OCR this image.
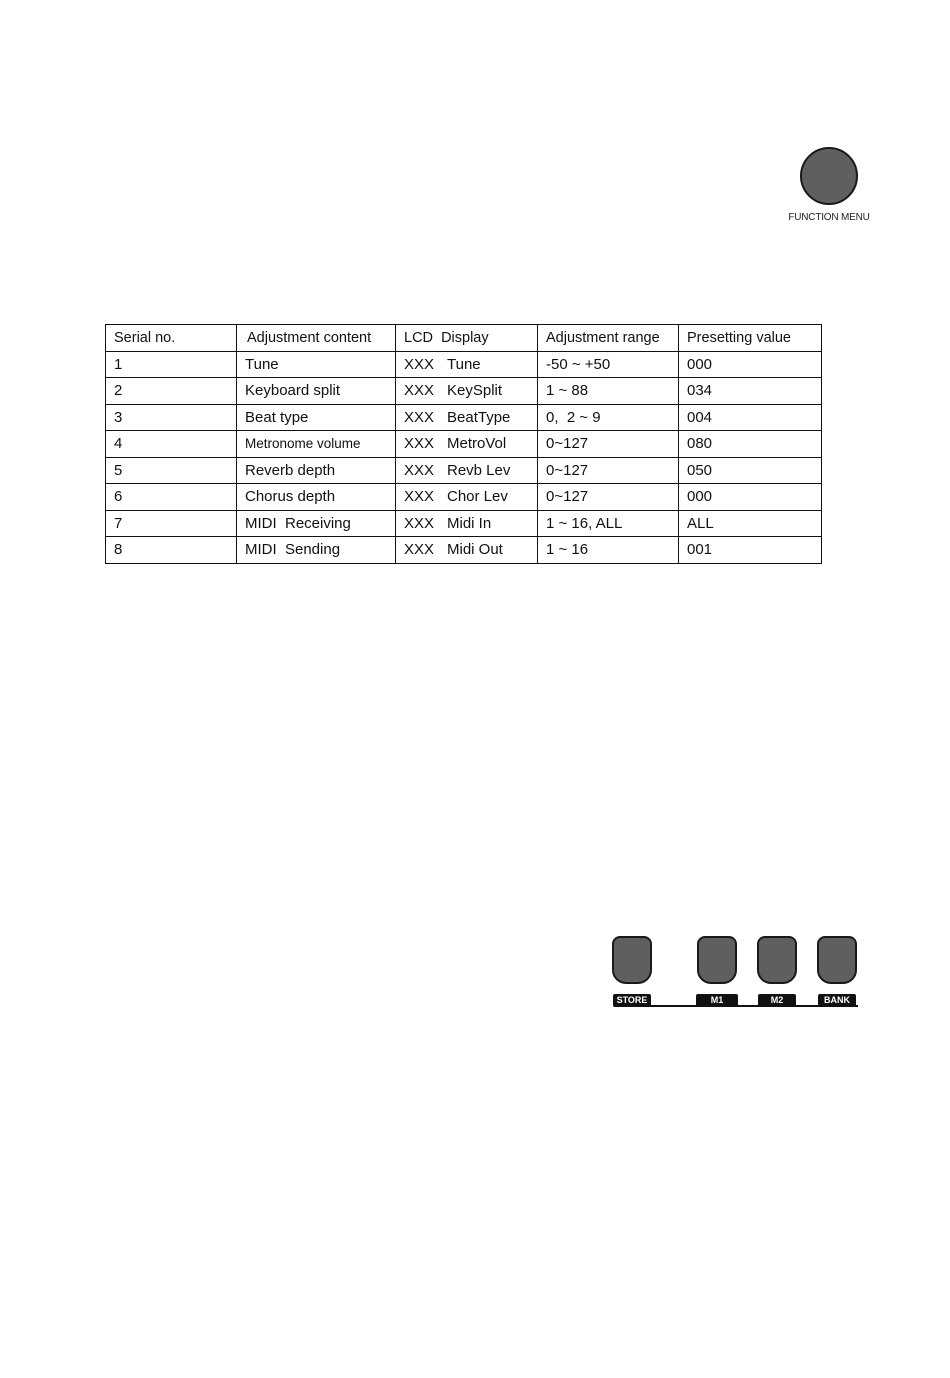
FUNCTION MENU
Serial no.	Adjustment content	LCD  Display	Adjustment range	Presetting value
1	Tune	XXX Tune	-50 ~ +50	000
2	Keyboard split	XXX KeySplit	1 ~ 88	034
3	Beat type	XXX BeatType	0,  2 ~ 9	004
4	Metronome volume	XXX MetroVol	0~127	080
5	Reverb depth	XXX Revb Lev	0~127	050
6	Chorus depth	XXX Chor Lev	0~127	000
7	MIDI  Receiving	XXX Midi In	1 ~ 16, ALL	ALL
8	MIDI  Sending	XXX Midi Out	1 ~ 16	001
STORE	M1	M2	BANK
